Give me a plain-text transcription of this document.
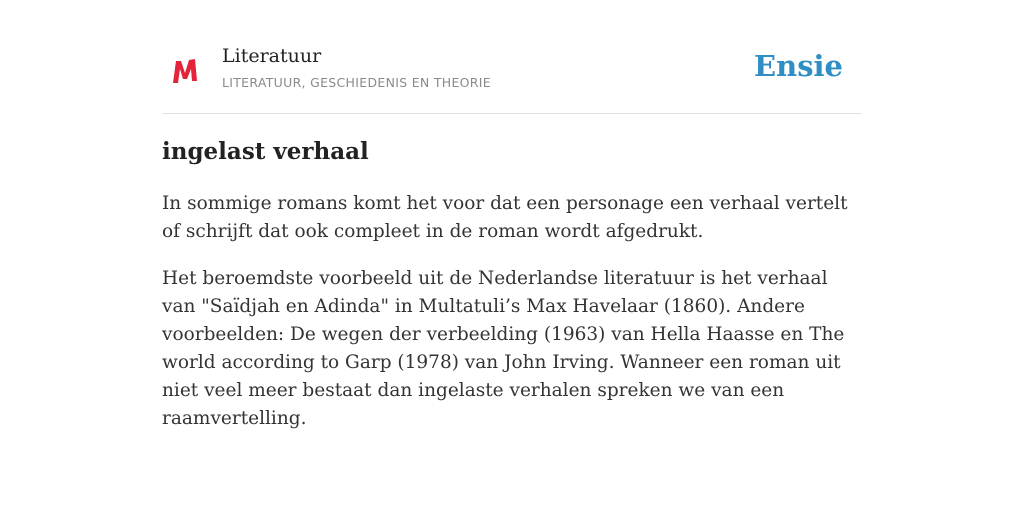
Literatuur
LITERATUUR, GESCHIEDENIS EN THEORIE	Ensie
ingelast verhaal

In sommige romans komt het voor dat een personage een verhaal vertelt of schrijft dat ook compleet in de roman wordt afgedrukt.

Het beroemdste voorbeeld uit de Nederlandse literatuur is het verhaal van "Saïdjah en Adinda" in Multatuli’s Max Havelaar (1860). Andere voorbeelden: De wegen der verbeelding (1963) van Hella Haasse en The world according to Garp (1978) van John Irving. Wanneer een roman uit niet veel meer bestaat dan ingelaste verhalen spreken we van een raamvertelling.
